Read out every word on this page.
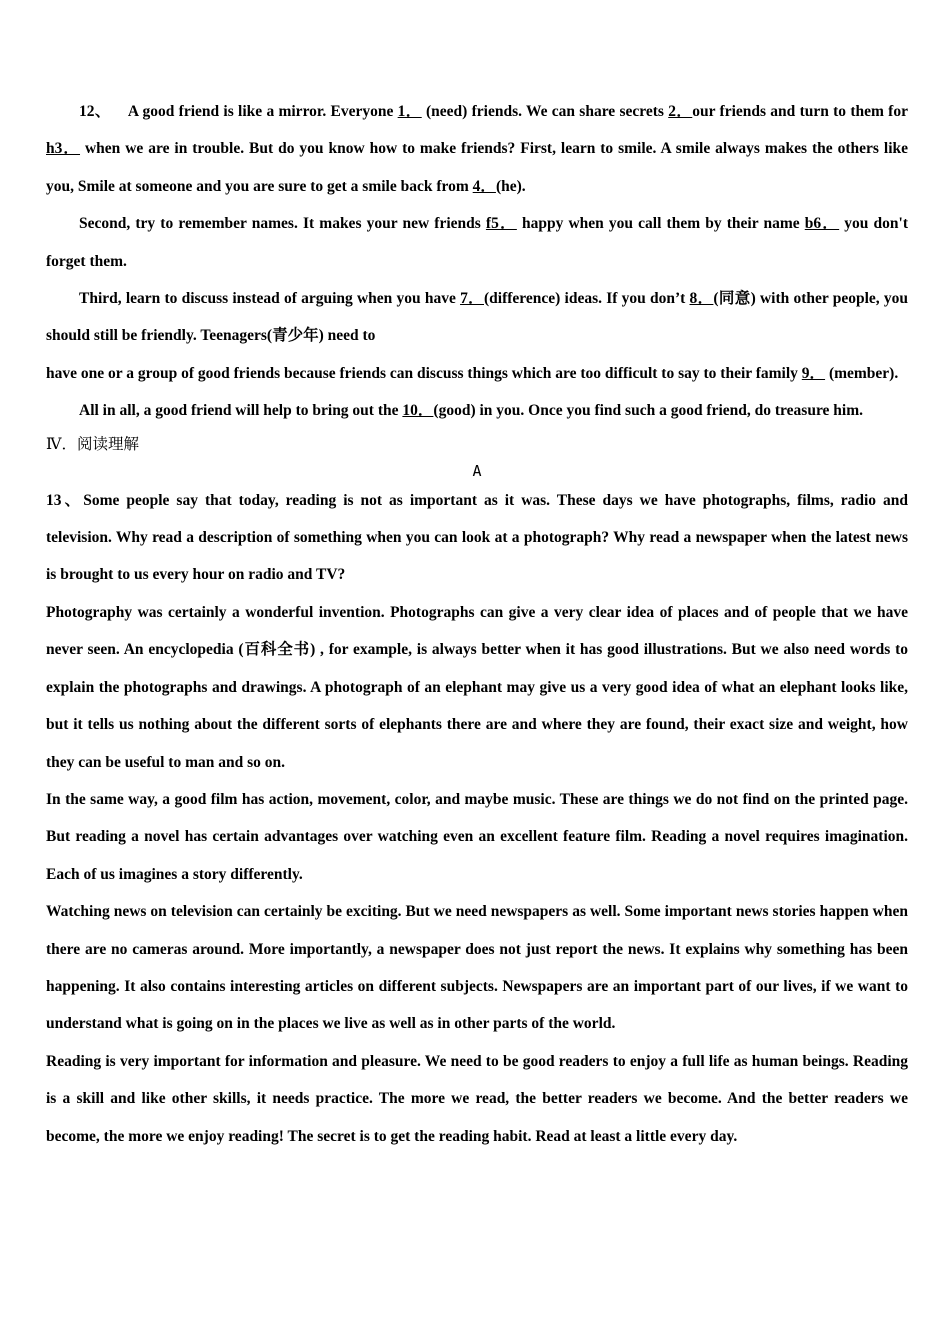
12、    A good friend is like a mirror. Everyone 1． (need) friends. We can share secrets 2．our friends and turn to them for h3． when we are in trouble. But do you know how to make friends? First, learn to smile. A smile always makes the others like you, Smile at someone and you are sure to get a smile back from 4．(he).

Second, try to remember names. It makes your new friends f5． happy when you call them by their name b6． you don't forget them.

Third, learn to discuss instead of arguing when you have 7．(difference) ideas. If you don’t 8．(同意) with other people, you should still be friendly. Teenagers(青少年) need to

have one or a group of good friends because friends can discuss things which are too difficult to say to their family 9． (member).

All in all, a good friend will help to bring out the 10．(good) in you. Once you find such a good friend, do treasure him.

Ⅳ．阅读理解

A

13、Some people say that today, reading is not as important as it was. These days we have photographs, films, radio and television. Why read a description of something when you can look at a photograph? Why read a newspaper when the latest news is brought to us every hour on radio and TV?

Photography was certainly a wonderful invention. Photographs can give a very clear idea of places and of people that we have never seen. An encyclopedia (百科全书) , for example, is always better when it has good illustrations. But we also need words to explain the photographs and drawings. A photograph of an elephant may give us a very good idea of what an elephant looks like, but it tells us nothing about the different sorts of elephants there are and where they are found, their exact size and weight, how they can be useful to man and so on.

In the same way, a good film has action, movement, color, and maybe music. These are things we do not find on the printed page. But reading a novel has certain advantages over watching even an excellent feature film. Reading a novel requires imagination. Each of us imagines a story differently.

Watching news on television can certainly be exciting. But we need newspapers as well. Some important news stories happen when there are no cameras around. More importantly, a newspaper does not just report the news. It explains why something has been happening. It also contains interesting articles on different subjects. Newspapers are an important part of our lives, if we want to understand what is going on in the places we live as well as in other parts of the world.

Reading is very important for information and pleasure. We need to be good readers to enjoy a full life as human beings. Reading is a skill and like other skills, it needs practice. The more we read, the better readers we become. And the better readers we become, the more we enjoy reading! The secret is to get the reading habit. Read at least a little every day.
